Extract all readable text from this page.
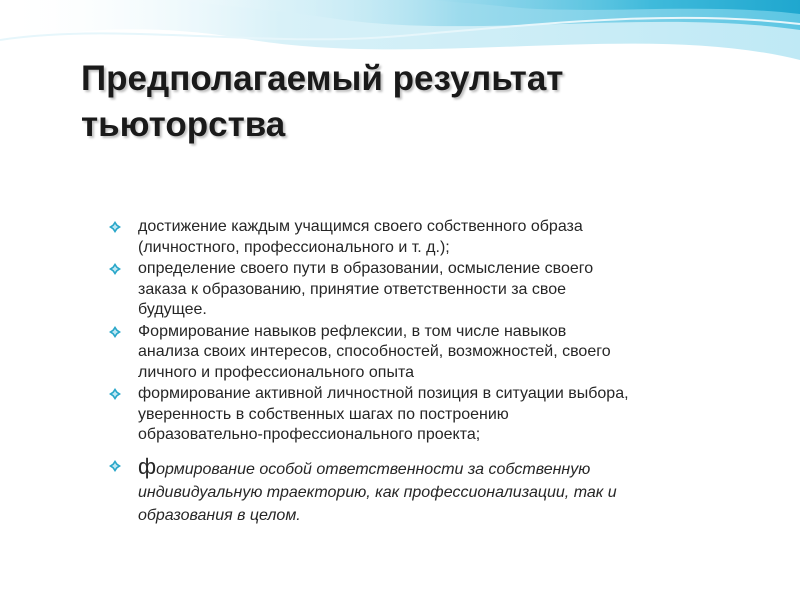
Предполагаемый результат
тьюторства
достижение каждым учащимся своего собственного образа
(личностного, профессионального и т. д.);
определение своего пути в образовании, осмысление своего
заказа к образованию, принятие ответственности за свое
будущее.
Формирование навыков рефлексии, в том числе навыков
анализа своих интересов, способностей, возможностей, своего
личного и профессионального опыта
формирование активной личностной позиция в ситуации выбора,
уверенность в собственных шагах по построению
образовательно-профессионального проекта;
формирование особой ответственности за собственную
индивидуальную траекторию, как профессионализации, так и
образования в целом.
